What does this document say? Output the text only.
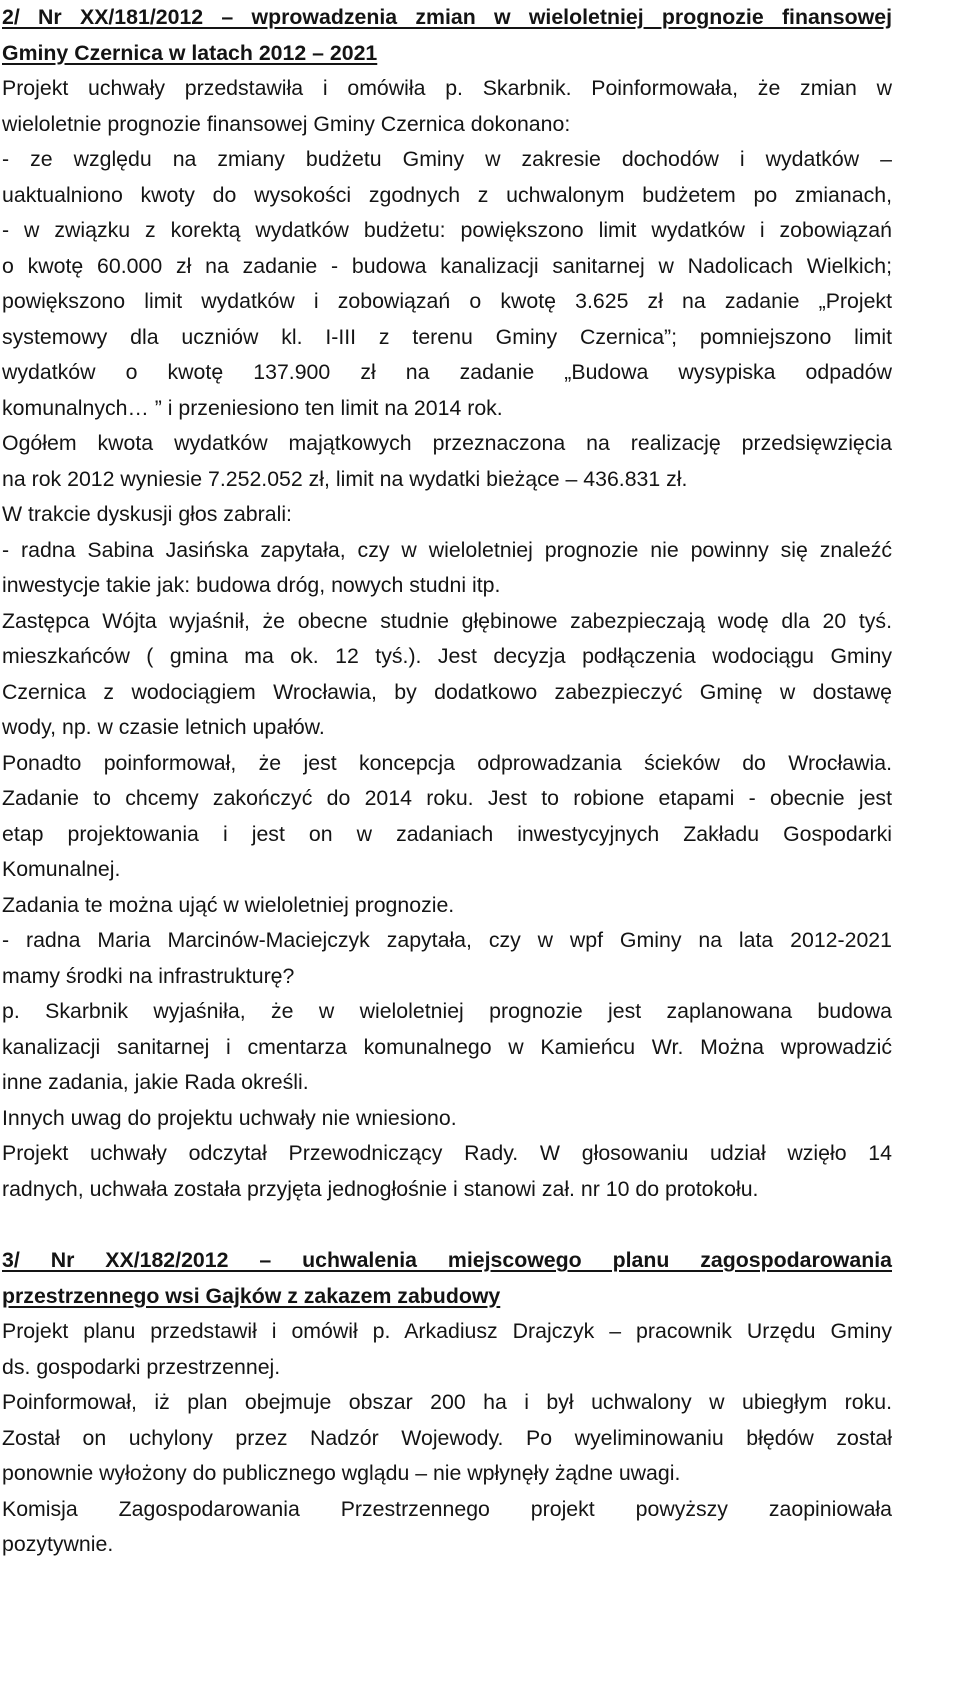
2/ Nr XX/181/2012 – wprowadzenia zmian w wieloletniej prognozie finansowej
Gminy Czernica w latach 2012 – 2021
Projekt uchwały przedstawiła i omówiła p. Skarbnik. Poinformowała, że zmian w
wieloletnie prognozie finansowej Gminy Czernica dokonano:
- ze względu na zmiany budżetu Gminy w zakresie dochodów i wydatków –
uaktualniono kwoty do wysokości zgodnych z uchwalonym budżetem po zmianach,
- w związku z korektą wydatków budżetu: powiększono limit wydatków i zobowiązań
o kwotę 60.000 zł na zadanie - budowa kanalizacji sanitarnej w Nadolicach Wielkich;
powiększono limit wydatków i zobowiązań o kwotę 3.625 zł na zadanie „Projekt
systemowy dla uczniów kl. I-III z terenu Gminy Czernica”; pomniejszono limit
wydatków o kwotę 137.900 zł na zadanie „Budowa wysypiska odpadów
komunalnych… ” i przeniesiono ten limit na 2014 rok.
Ogółem kwota wydatków majątkowych przeznaczona na realizację przedsięwzięcia
na rok 2012 wyniesie 7.252.052 zł, limit na wydatki bieżące – 436.831 zł.
W trakcie dyskusji głos zabrali:
- radna Sabina Jasińska zapytała, czy w wieloletniej prognozie nie powinny się znaleźć
inwestycje takie jak: budowa dróg, nowych studni itp.
Zastępca Wójta wyjaśnił, że obecne studnie głębinowe zabezpieczają wodę dla 20 tyś.
mieszkańców ( gmina ma ok. 12 tyś.). Jest decyzja podłączenia wodociągu Gminy
Czernica z wodociągiem Wrocławia, by dodatkowo zabezpieczyć Gminę w dostawę
wody, np. w czasie letnich upałów.
Ponadto poinformował, że jest koncepcja odprowadzania ścieków do Wrocławia.
Zadanie to chcemy zakończyć do 2014 roku. Jest to robione etapami - obecnie jest
etap projektowania i jest on w zadaniach inwestycyjnych Zakładu Gospodarki
Komunalnej.
Zadania te można ująć w wieloletniej prognozie.
- radna Maria Marcinów-Maciejczyk zapytała, czy w wpf Gminy na lata 2012-2021
mamy środki na infrastrukturę?
p. Skarbnik wyjaśniła, że w wieloletniej prognozie jest zaplanowana budowa
kanalizacji sanitarnej i cmentarza komunalnego w Kamieńcu Wr. Można wprowadzić
inne zadania, jakie Rada określi.
Innych uwag do projektu uchwały nie wniesiono.
Projekt uchwały odczytał Przewodniczący Rady. W głosowaniu udział wzięło 14
radnych, uchwała została przyjęta jednogłośnie i stanowi zał. nr 10 do protokołu.
3/ Nr XX/182/2012 – uchwalenia miejscowego planu zagospodarowania
przestrzennego wsi Gajków z zakazem zabudowy
Projekt planu przedstawił i omówił p. Arkadiusz Drajczyk – pracownik Urzędu Gminy
ds. gospodarki przestrzennej.
Poinformował, iż plan obejmuje obszar 200 ha i był uchwalony w ubiegłym roku.
Został on uchylony przez Nadzór Wojewody. Po wyeliminowaniu błędów został
ponownie wyłożony do publicznego wglądu – nie wpłynęły żądne uwagi.
Komisja Zagospodarowania Przestrzennego projekt powyższy zaopiniowała
pozytywnie.
